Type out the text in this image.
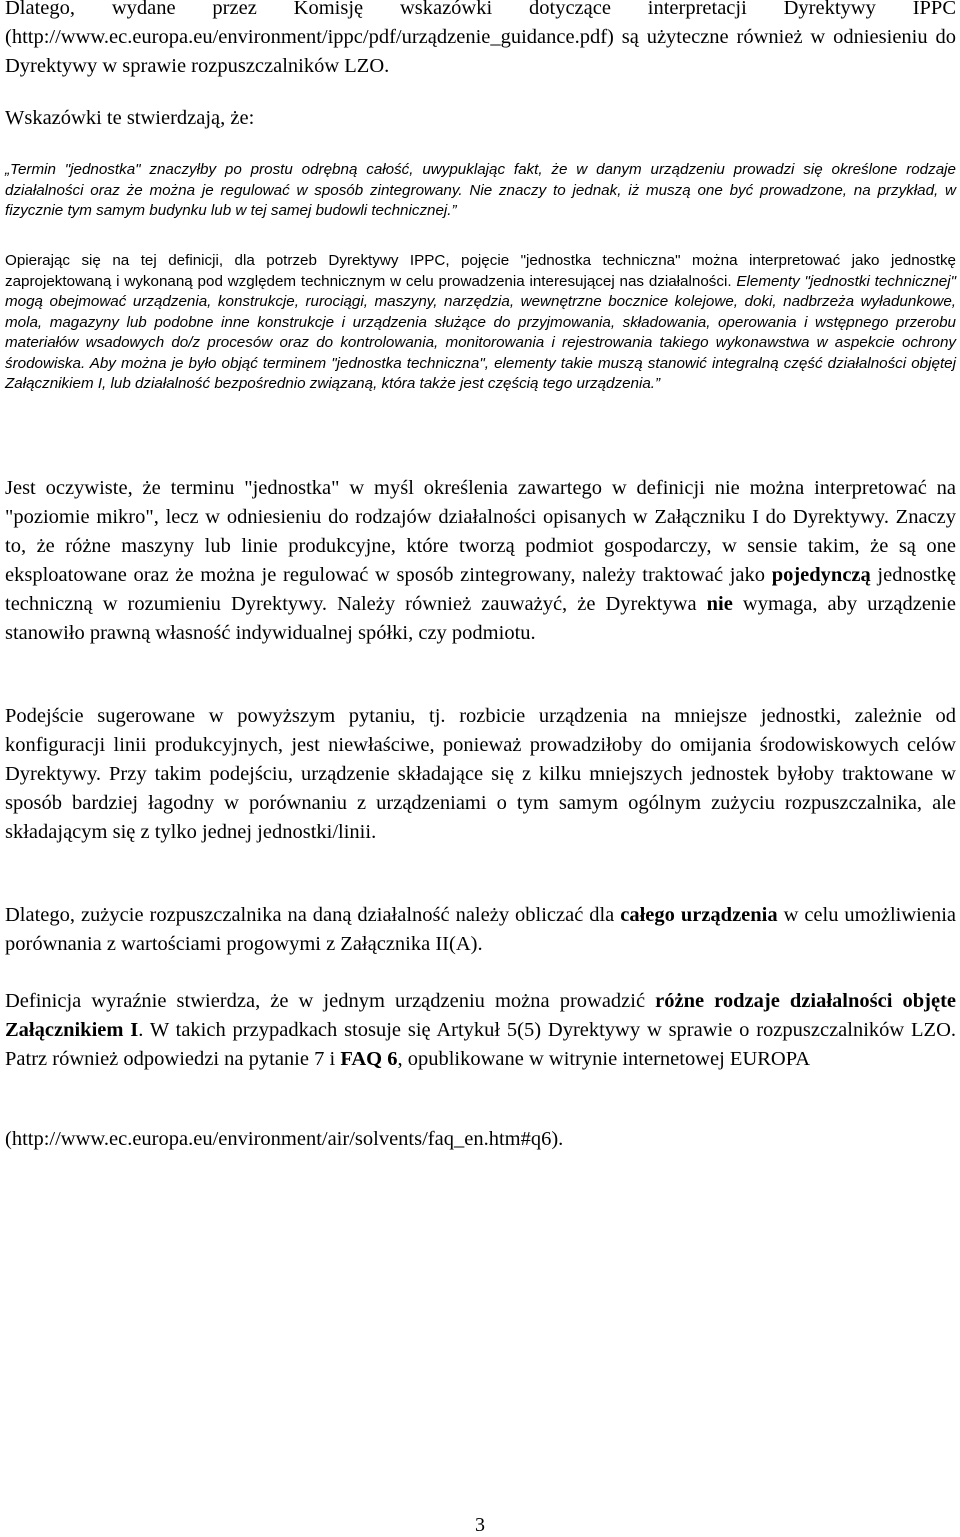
Dlatego, wydane przez Komisję wskazówki dotyczące interpretacji Dyrektywy IPPC (http://www.ec.europa.eu/environment/ippc/pdf/urządzenie_guidance.pdf) są użyteczne również w odniesieniu do Dyrektywy w sprawie rozpuszczalników LZO.

Wskazówki te stwierdzają, że:

„Termin "jednostka" znaczyłby po prostu odrębną całość, uwypuklając fakt, że w danym urządzeniu prowadzi się określone rodzaje działalności oraz że można je regulować w sposób zintegrowany. Nie znaczy to jednak, iż muszą one być prowadzone, na przykład, w fizycznie tym samym budynku lub w tej samej budowli technicznej.”

Opierając się na tej definicji, dla potrzeb Dyrektywy IPPC, pojęcie "jednostka techniczna" można interpretować jako jednostkę zaprojektowaną i wykonaną pod względem technicznym w celu prowadzenia interesującej nas działalności. Elementy "jednostki technicznej" mogą obejmować urządzenia, konstrukcje, rurociągi, maszyny, narzędzia, wewnętrzne bocznice kolejowe, doki, nadbrzeża wyładunkowe, mola, magazyny lub podobne inne konstrukcje i urządzenia służące do przyjmowania, składowania, operowania i wstępnego przerobu materiałów wsadowych do/z procesów oraz do kontrolowania, monitorowania i rejestrowania takiego wykonawstwa w aspekcie ochrony środowiska. Aby można je było objąć terminem "jednostka techniczna", elementy takie muszą stanowić integralną część działalności objętej Załącznikiem I, lub działalność bezpośrednio związaną, która także jest częścią tego urządzenia.”

Jest oczywiste, że terminu "jednostka" w myśl określenia zawartego w definicji nie można interpretować na "poziomie mikro", lecz w odniesieniu do rodzajów działalności opisanych w Załączniku I do Dyrektywy. Znaczy to, że różne maszyny lub linie produkcyjne, które tworzą podmiot gospodarczy, w sensie takim, że są one eksploatowane oraz że można je regulować w sposób zintegrowany, należy traktować jako pojedynczą jednostkę techniczną w rozumieniu Dyrektywy. Należy również zauważyć, że Dyrektywa nie wymaga, aby urządzenie stanowiło prawną własność indywidualnej spółki, czy podmiotu.

Podejście sugerowane w powyższym pytaniu, tj. rozbicie urządzenia na mniejsze jednostki, zależnie od konfiguracji linii produkcyjnych, jest niewłaściwe, ponieważ prowadziłoby do omijania środowiskowych celów Dyrektywy. Przy takim podejściu, urządzenie składające się z kilku mniejszych jednostek byłoby traktowane w sposób bardziej łagodny w porównaniu z urządzeniami o tym samym ogólnym zużyciu rozpuszczalnika, ale składającym się z tylko jednej jednostki/linii.

Dlatego, zużycie rozpuszczalnika na daną działalność należy obliczać dla całego urządzenia w celu umożliwienia porównania z wartościami progowymi z Załącznika II(A).

Definicja wyraźnie stwierdza, że w jednym urządzeniu można prowadzić różne rodzaje działalności objęte Załącznikiem I. W takich przypadkach stosuje się Artykuł 5(5) Dyrektywy w sprawie o rozpuszczalników LZO. Patrz również odpowiedzi na pytanie 7 i FAQ 6, opublikowane w witrynie internetowej EUROPA

(http://www.ec.europa.eu/environment/air/solvents/faq_en.htm#q6).

3
